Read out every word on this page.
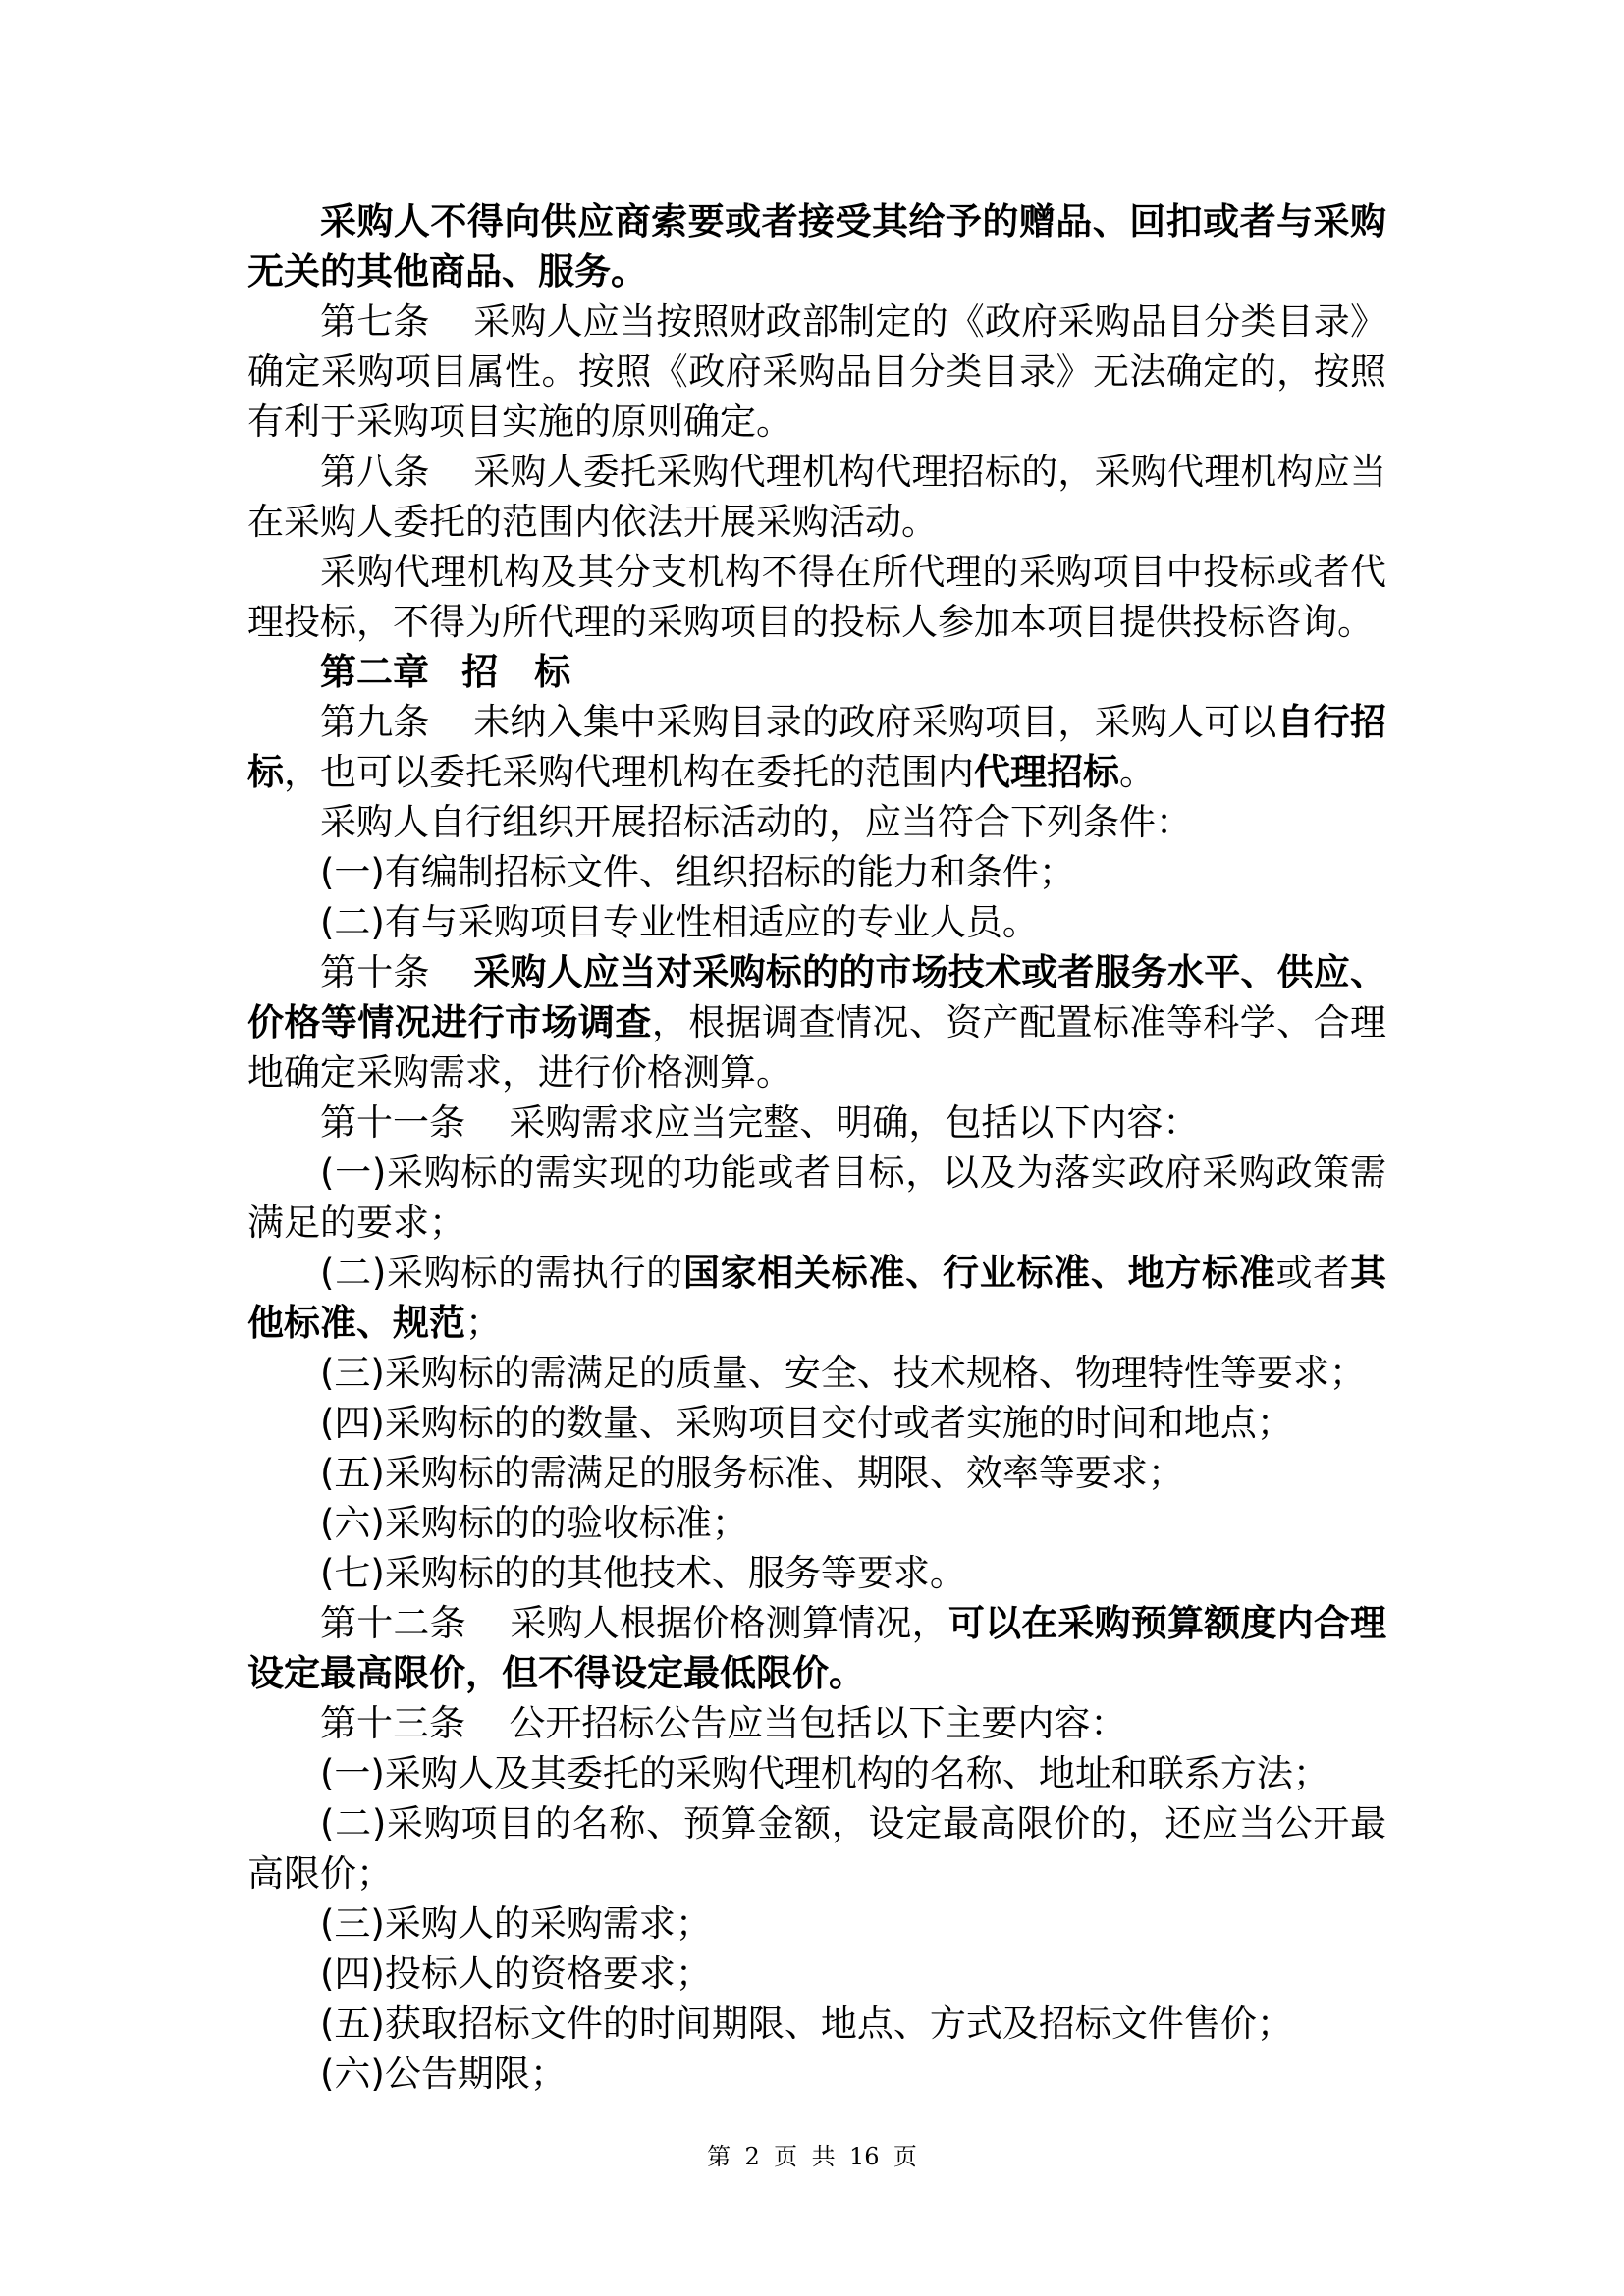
采购人不得向供应商索要或者接受其给予的赠品、回扣或者与采购无关的其他商品、服务。

第七条 采购人应当按照财政部制定的《政府采购品目分类目录》确定采购项目属性。按照《政府采购品目分类目录》无法确定的，按照有利于采购项目实施的原则确定。

第八条 采购人委托采购代理机构代理招标的，采购代理机构应当在采购人委托的范围内依法开展采购活动。

采购代理机构及其分支机构不得在所代理的采购项目中投标或者代理投标，不得为所代理的采购项目的投标人参加本项目提供投标咨询。

第二章 招　标

第九条 未纳入集中采购目录的政府采购项目，采购人可以自行招标，也可以委托采购代理机构在委托的范围内代理招标。

采购人自行组织开展招标活动的，应当符合下列条件：

(一)有编制招标文件、组织招标的能力和条件；

(二)有与采购项目专业性相适应的专业人员。

第十条 采购人应当对采购标的的市场技术或者服务水平、供应、价格等情况进行市场调查，根据调查情况、资产配置标准等科学、合理地确定采购需求，进行价格测算。

第十一条 采购需求应当完整、明确，包括以下内容：

(一)采购标的需实现的功能或者目标，以及为落实政府采购政策需满足的要求；

(二)采购标的需执行的国家相关标准、行业标准、地方标准或者其他标准、规范；

(三)采购标的需满足的质量、安全、技术规格、物理特性等要求；

(四)采购标的的数量、采购项目交付或者实施的时间和地点；

(五)采购标的需满足的服务标准、期限、效率等要求；

(六)采购标的的验收标准；

(七)采购标的的其他技术、服务等要求。

第十二条 采购人根据价格测算情况，可以在采购预算额度内合理设定最高限价，但不得设定最低限价。

第十三条 公开招标公告应当包括以下主要内容：

(一)采购人及其委托的采购代理机构的名称、地址和联系方法；

(二)采购项目的名称、预算金额，设定最高限价的，还应当公开最高限价；

(三)采购人的采购需求；

(四)投标人的资格要求；

(五)获取招标文件的时间期限、地点、方式及招标文件售价；

(六)公告期限；

第 2 页 共 16 页
